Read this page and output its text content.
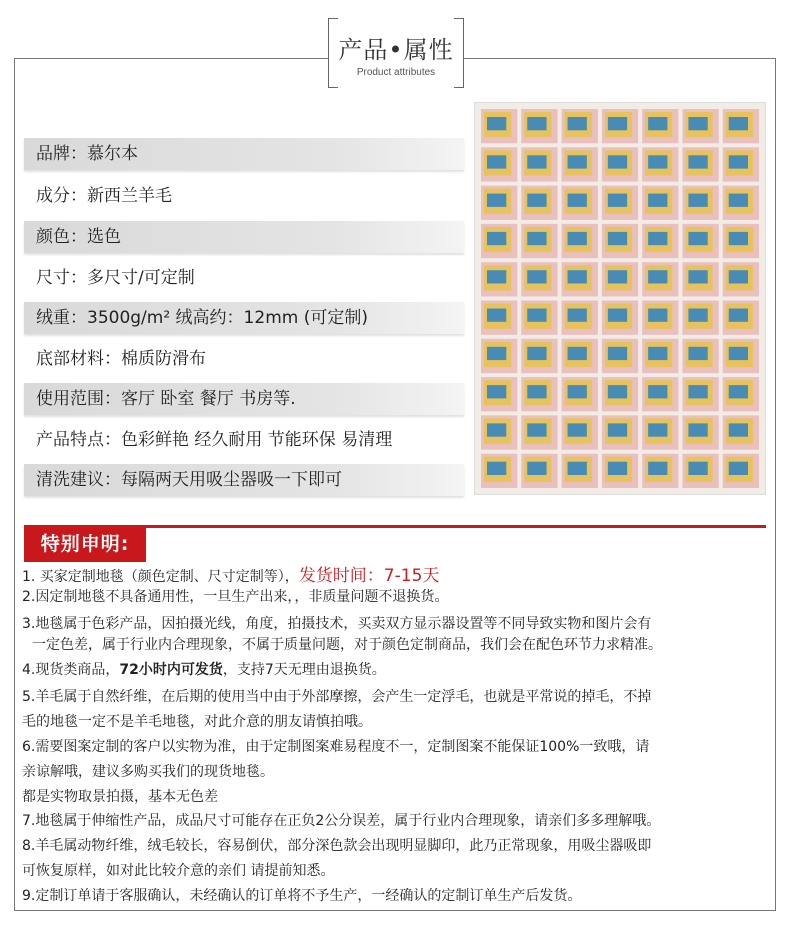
产品•属性
Product attributes
品牌：慕尔本
成分：新西兰羊毛
颜色：选色
尺寸：多尺寸/可定制
绒重：3500g/m² 绒高约：12mm (可定制)
底部材料：棉质防滑布
使用范围：客厅 卧室 餐厅 书房等.
产品特点：色彩鲜艳 经久耐用 节能环保 易清理
清洗建议：每隔两天用吸尘器吸一下即可
特别申明:
1. 买家定制地毯（颜色定制、尺寸定制等），发货时间：7-15天
2.因定制地毯不具备通用性，一旦生产出来，，非质量问题不退换货。
3.地毯属于色彩产品，因拍摄光线，角度，拍摄技术，买卖双方显示器设置等不同导致实物和图片会有
一定色差，属于行业内合理现象，不属于质量问题，对于颜色定制商品，我们会在配色环节力求精准。
4.现货类商品，72小时内可发货，支持7天无理由退换货。
5.羊毛属于自然纤维，在后期的使用当中由于外部摩擦，会产生一定浮毛，也就是平常说的掉毛，不掉
毛的地毯一定不是羊毛地毯，对此介意的朋友请慎拍哦。
6.需要图案定制的客户以实物为准，由于定制图案难易程度不一，定制图案不能保证100%一致哦，请
亲谅解哦，建议多购买我们的现货地毯。
都是实物取景拍摄，基本无色差
7.地毯属于伸缩性产品，成品尺寸可能存在正负2公分误差，属于行业内合理现象，请亲们多多理解哦。
8.羊毛属动物纤维，绒毛较长，容易倒伏，部分深色款会出现明显脚印，此乃正常现象，用吸尘器吸即
可恢复原样，如对此比较介意的亲们 请提前知悉。
9.定制订单请于客服确认，未经确认的订单将不予生产，一经确认的定制订单生产后发货。
